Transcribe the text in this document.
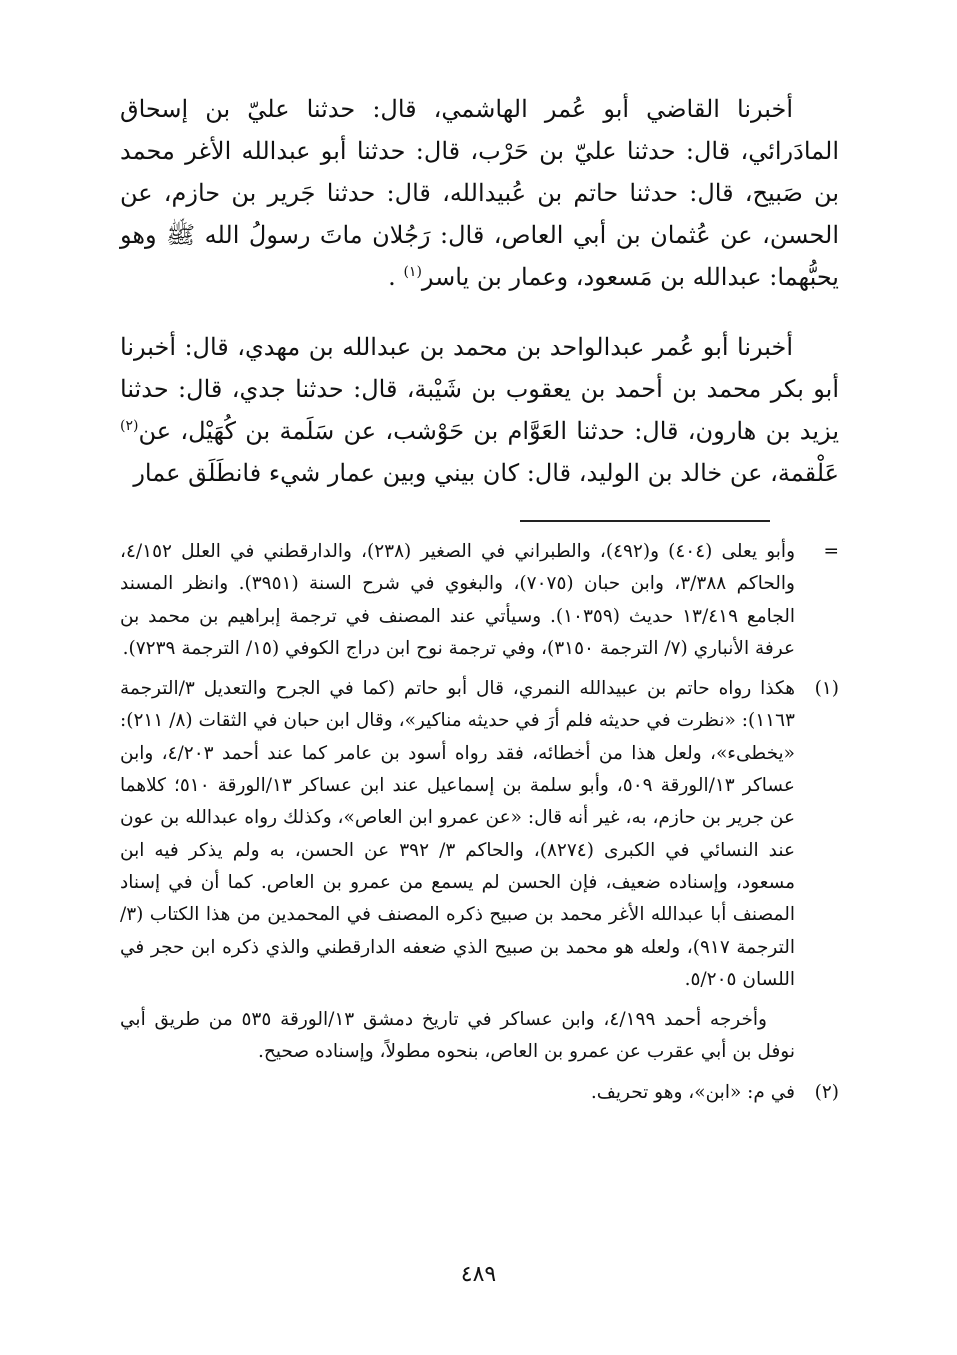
أخبرنا القاضي أبو عُمر الهاشمي، قال: حدثنا عليّ بن إسحاق المادَرائي، قال: حدثنا عليّ بن حَرْب، قال: حدثنا أبو عبدالله الأغر محمد بن صَبيح، قال: حدثنا حاتم بن عُبيدالله، قال: حدثنا جَرير بن حازم، عن الحسن، عن عُثمان بن أبي العاص، قال: رَجُلان ماتَ رسولُ الله ﷺ وهو يحبُّهما: عبدالله بن مَسعود، وعمار بن ياسر$^{(١)}$ .

أخبرنا أبو عُمر عبدالواحد بن محمد بن عبدالله بن مهدي، قال: أخبرنا أبو بكر محمد بن أحمد بن يعقوب بن شَيْبة، قال: حدثنا جدي، قال: حدثنا يزيد بن هارون، قال: حدثنا العَوَّام بن حَوْشب، عن سَلَمة بن كُهَيْل، عن$^{(٢)}$ عَلْقمة، عن خالد بن الوليد، قال: كان بيني وبين عمار شيء فانطَلَق عمار

=
وأبو يعلى (٤٠٤) و(٤٩٢)، والطبراني في الصغير (٢٣٨)، والدارقطني في العلل ٤/١٥٢، والحاكم ٣/٣٨٨، وابن حبان (٧٠٧٥)، والبغوي في شرح السنة (٣٩٥١). وانظر المسند الجامع ١٣/٤١٩ حديث (١٠٣٥٩). وسيأتي عند المصنف في ترجمة إبراهيم بن محمد بن عرفة الأنباري (٧/ الترجمة ٣١٥٠)، وفي ترجمة نوح ابن دراج الكوفي (١٥/ الترجمة ٧٢٣٩).
(١)
هكذا رواه حاتم بن عبيدالله النمري، قال أبو حاتم (كما في الجرح والتعديل ٣/الترجمة ١١٦٣): «نظرت في حديثه فلم أرَ في حديثه مناكير»، وقال ابن حبان في الثقات (٨/ ٢١١): «يخطىء»، ولعل هذا من أخطائه، فقد رواه أسود بن عامر كما عند أحمد ٤/٢٠٣، وابن عساكر ١٣/الورقة ٥٠٩، وأبو سلمة بن إسماعيل عند ابن عساكر ١٣/الورقة ٥١٠؛ كلاهما عن جرير بن حازم، به، غير أنه قال: «عن عمرو ابن العاص»، وكذلك رواه عبدالله بن عون عند النسائي في الكبرى (٨٢٧٤)، والحاكم ٣/ ٣٩٢ عن الحسن، به ولم يذكر فيه ابن مسعود، وإسناده ضعيف، فإن الحسن لم يسمع من عمرو بن العاص. كما أن في إسناد المصنف أبا عبدالله الأغر محمد بن صبيح ذكره المصنف في المحمدين من هذا الكتاب (٣/ الترجمة ٩١٧)، ولعله هو محمد بن صبيح الذي ضعفه الدارقطني والذي ذكره ابن حجر في اللسان ٥/٢٠٥.
وأخرجه أحمد ٤/١٩٩، وابن عساكر في تاريخ دمشق ١٣/الورقة ٥٣٥ من طريق أبي نوفل بن أبي عقرب عن عمرو بن العاص، بنحوه مطولاً، وإسناده صحيح.
(٢)
في م: «ابن»، وهو تحريف.
٤٨٩
